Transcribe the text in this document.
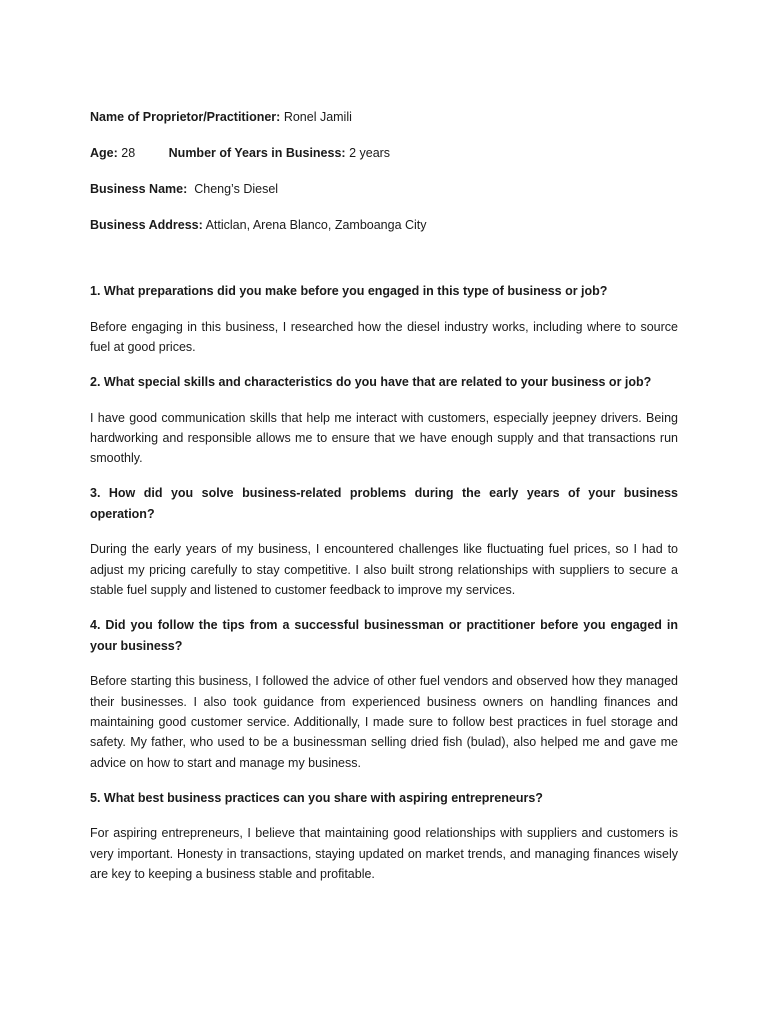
Name of Proprietor/Practitioner: Ronel Jamili

Age: 28	Number of Years in Business: 2 years

Business Name: Cheng’s Diesel

Business Address: Atticlan, Arena Blanco, Zamboanga City

1. What preparations did you make before you engaged in this type of business or job?

Before engaging in this business, I researched how the diesel industry works, including where to source fuel at good prices.

2. What special skills and characteristics do you have that are related to your business or job?

I have good communication skills that help me interact with customers, especially jeepney drivers. Being hardworking and responsible allows me to ensure that we have enough supply and that transactions run smoothly.

3. How did you solve business-related problems during the early years of your business operation?

During the early years of my business, I encountered challenges like fluctuating fuel prices, so I had to adjust my pricing carefully to stay competitive. I also built strong relationships with suppliers to secure a stable fuel supply and listened to customer feedback to improve my services.

4. Did you follow the tips from a successful businessman or practitioner before you engaged in your business?

Before starting this business, I followed the advice of other fuel vendors and observed how they managed their businesses. I also took guidance from experienced business owners on handling finances and maintaining good customer service. Additionally, I made sure to follow best practices in fuel storage and safety. My father, who used to be a businessman selling dried fish (bulad), also helped me and gave me advice on how to start and manage my business.

5. What best business practices can you share with aspiring entrepreneurs?

For aspiring entrepreneurs, I believe that maintaining good relationships with suppliers and customers is very important. Honesty in transactions, staying updated on market trends, and managing finances wisely are key to keeping a business stable and profitable.
